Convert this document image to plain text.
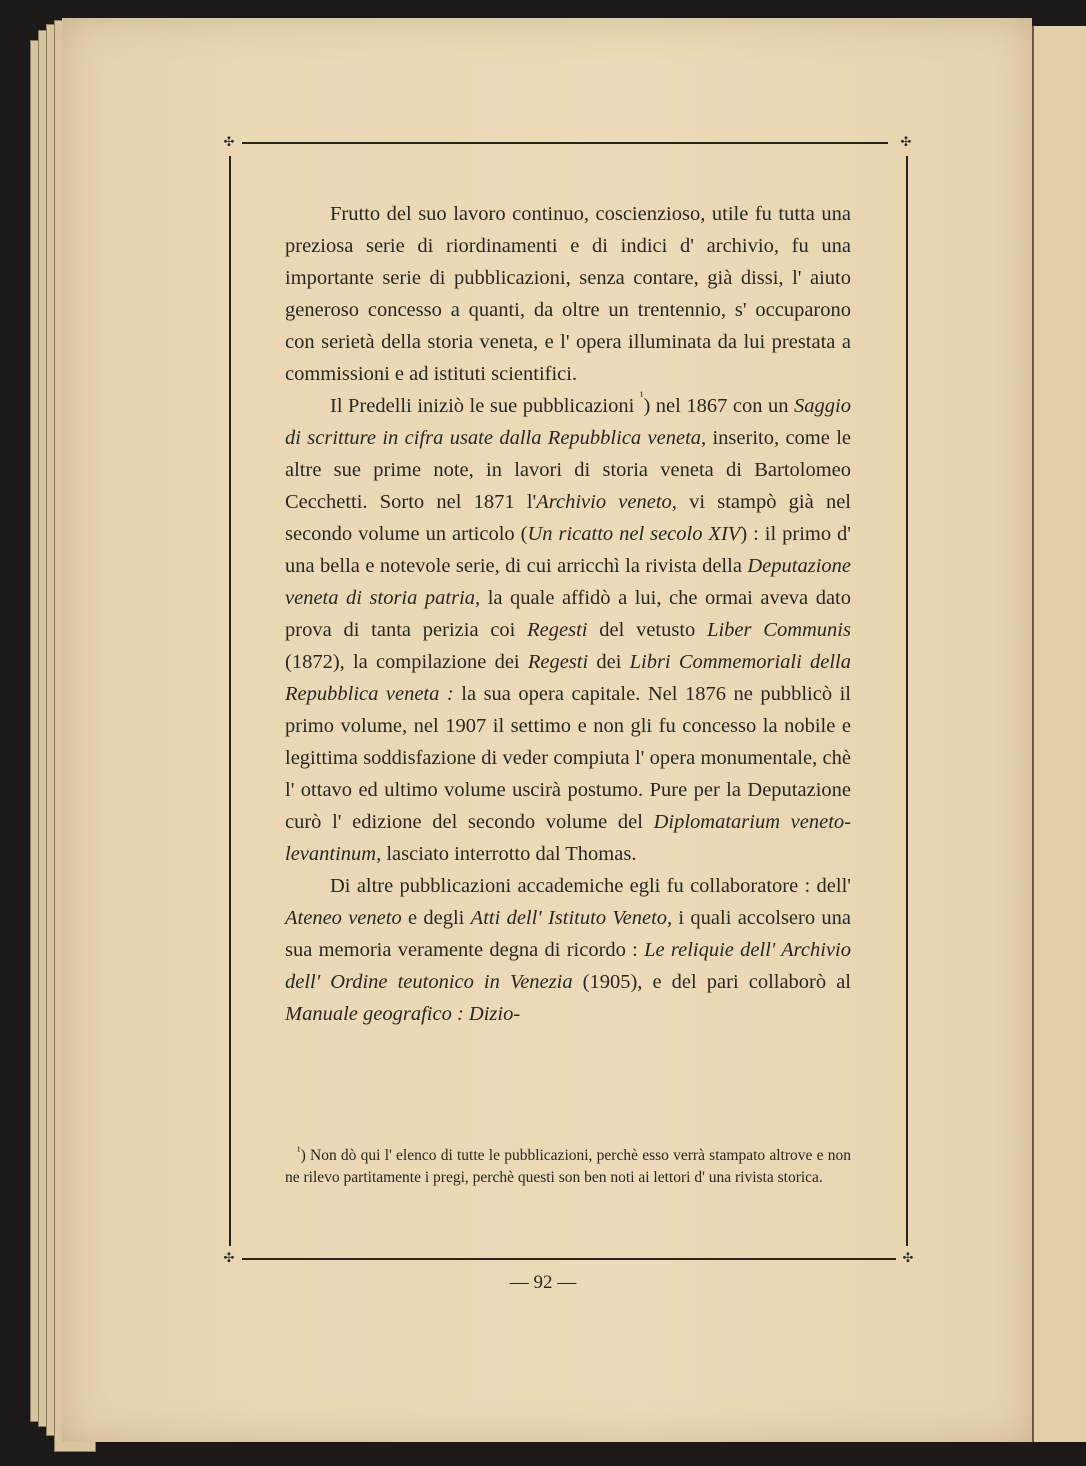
✣	✣
✣	✣

Frutto del suo lavoro continuo, coscienzioso, utile fu tutta una preziosa serie di riordinamenti e di indici d' archivio, fu una importante serie di pubblicazioni, senza contare, già dissi, l' aiuto generoso concesso a quanti, da oltre un trentennio, s' occuparono con serietà della storia veneta, e l' opera illuminata da lui prestata a commissioni e ad istituti scientifici.

Il Predelli iniziò le sue pubblicazioni $^{^1}$) nel 1867 con un Saggio di scritture in cifra usate dalla Repubblica veneta, inserito, come le altre sue prime note, in lavori di storia veneta di Bartolomeo Cecchetti. Sorto nel 1871 l'Archivio veneto, vi stampò già nel secondo volume un articolo (Un ricatto nel secolo XIV) : il primo d' una bella e notevole serie, di cui arricchì la rivista della Deputazione veneta di storia patria, la quale affidò a lui, che ormai aveva dato prova di tanta perizia coi Regesti del vetusto Liber Communis (1872), la compilazione dei Regesti dei Libri Commemoriali della Repubblica veneta : la sua opera capitale. Nel 1876 ne pubblicò il primo volume, nel 1907 il settimo e non gli fu concesso la nobile e legittima soddisfazione di veder compiuta l' opera monumentale, chè l' ottavo ed ultimo volume uscirà postumo. Pure per la Deputazione curò l' edizione del secondo volume del Diplomatarium veneto-levantinum, lasciato interrotto dal Thomas.

Di altre pubblicazioni accademiche egli fu collaboratore : dell' Ateneo veneto e degli Atti dell' Istituto Veneto, i quali accolsero una sua memoria veramente degna di ricordo : Le reliquie dell' Archivio dell' Ordine teutonico in Venezia (1905), e del pari collaborò al Manuale geografico : Dizio-

$^{^1}$) Non dò qui l' elenco di tutte le pubblicazioni, perchè esso verrà stampato altrove e non ne rilevo partitamente i pregi, perchè questi son ben noti ai lettori d' una rivista storica.

— 92 —
